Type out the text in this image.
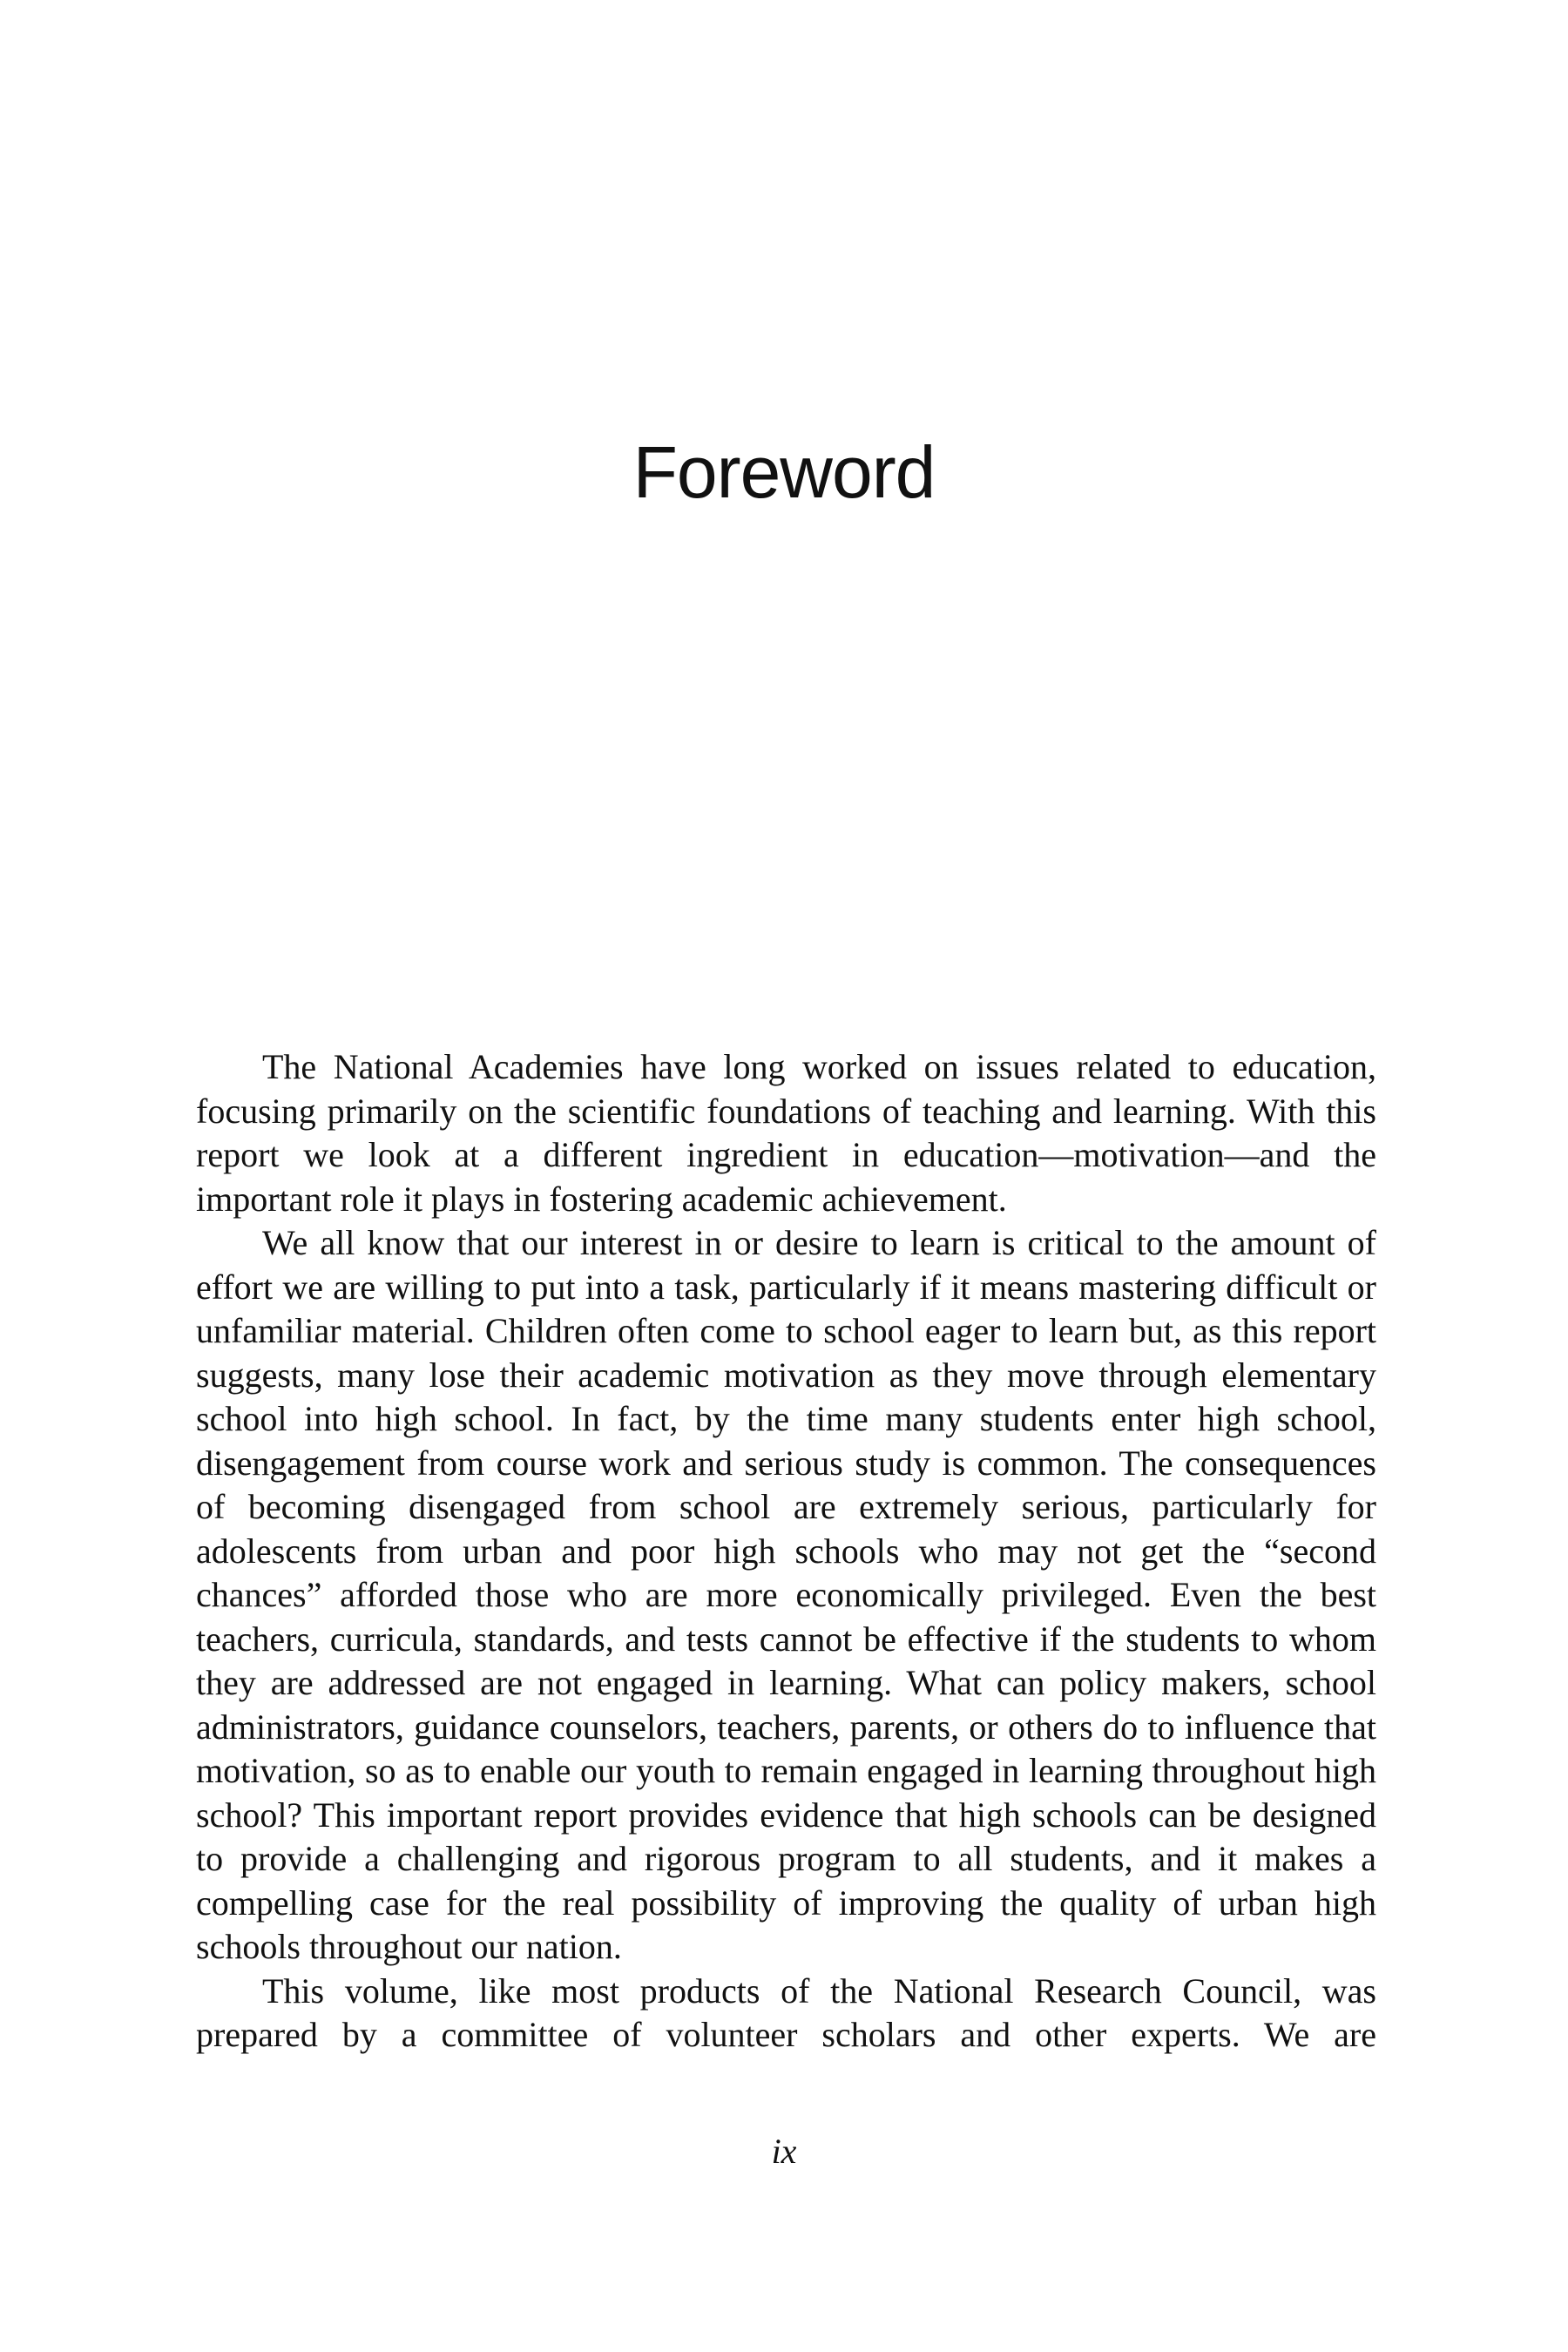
Foreword

The National Academies have long worked on issues related to education, focusing primarily on the scientific foundations of teaching and learning. With this report we look at a different ingredient in education—motivation—and the important role it plays in fostering academic achievement.

We all know that our interest in or desire to learn is critical to the amount of effort we are willing to put into a task, particularly if it means mastering difficult or unfamiliar material. Children often come to school eager to learn but, as this report suggests, many lose their academic motivation as they move through elementary school into high school. In fact, by the time many students enter high school, disengagement from course work and serious study is common. The consequences of becoming disengaged from school are extremely serious, particularly for adolescents from urban and poor high schools who may not get the “second chances” afforded those who are more economically privileged. Even the best teachers, curricula, standards, and tests cannot be effective if the students to whom they are addressed are not engaged in learning. What can policy makers, school administrators, guidance counselors, teachers, parents, or others do to influence that motivation, so as to enable our youth to remain engaged in learning throughout high school? This important report provides evidence that high schools can be designed to provide a challenging and rigorous program to all students, and it makes a compelling case for the real possibility of improving the quality of urban high schools throughout our nation.

This volume, like most products of the National Research Council, was prepared by a committee of volunteer scholars and other experts. We are

ix
